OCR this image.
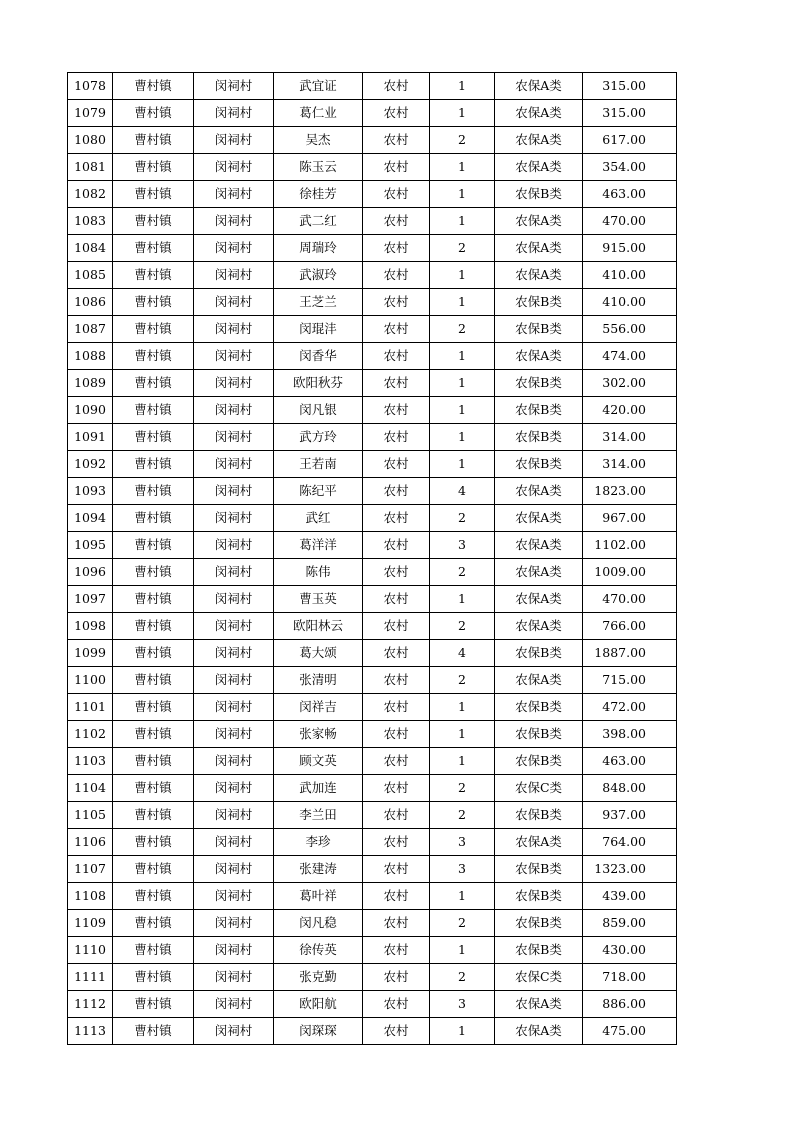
1078	曹村镇	闵祠村	武宜证	农村	1	农保A类	315.00
1079	曹村镇	闵祠村	葛仁业	农村	1	农保A类	315.00
1080	曹村镇	闵祠村	吴杰	农村	2	农保A类	617.00
1081	曹村镇	闵祠村	陈玉云	农村	1	农保A类	354.00
1082	曹村镇	闵祠村	徐桂芳	农村	1	农保B类	463.00
1083	曹村镇	闵祠村	武二红	农村	1	农保A类	470.00
1084	曹村镇	闵祠村	周瑞玲	农村	2	农保A类	915.00
1085	曹村镇	闵祠村	武淑玲	农村	1	农保A类	410.00
1086	曹村镇	闵祠村	王芝兰	农村	1	农保B类	410.00
1087	曹村镇	闵祠村	闵琨沣	农村	2	农保B类	556.00
1088	曹村镇	闵祠村	闵香华	农村	1	农保A类	474.00
1089	曹村镇	闵祠村	欧阳秋芬	农村	1	农保B类	302.00
1090	曹村镇	闵祠村	闵凡银	农村	1	农保B类	420.00
1091	曹村镇	闵祠村	武方玲	农村	1	农保B类	314.00
1092	曹村镇	闵祠村	王若南	农村	1	农保B类	314.00
1093	曹村镇	闵祠村	陈纪平	农村	4	农保A类	1823.00
1094	曹村镇	闵祠村	武红	农村	2	农保A类	967.00
1095	曹村镇	闵祠村	葛洋洋	农村	3	农保A类	1102.00
1096	曹村镇	闵祠村	陈伟	农村	2	农保A类	1009.00
1097	曹村镇	闵祠村	曹玉英	农村	1	农保A类	470.00
1098	曹村镇	闵祠村	欧阳林云	农村	2	农保A类	766.00
1099	曹村镇	闵祠村	葛大颂	农村	4	农保B类	1887.00
1100	曹村镇	闵祠村	张清明	农村	2	农保A类	715.00
1101	曹村镇	闵祠村	闵祥吉	农村	1	农保B类	472.00
1102	曹村镇	闵祠村	张家畅	农村	1	农保B类	398.00
1103	曹村镇	闵祠村	顾文英	农村	1	农保B类	463.00
1104	曹村镇	闵祠村	武加连	农村	2	农保C类	848.00
1105	曹村镇	闵祠村	李兰田	农村	2	农保B类	937.00
1106	曹村镇	闵祠村	李珍	农村	3	农保A类	764.00
1107	曹村镇	闵祠村	张建涛	农村	3	农保B类	1323.00
1108	曹村镇	闵祠村	葛叶祥	农村	1	农保B类	439.00
1109	曹村镇	闵祠村	闵凡稳	农村	2	农保B类	859.00
1110	曹村镇	闵祠村	徐传英	农村	1	农保B类	430.00
1111	曹村镇	闵祠村	张克勤	农村	2	农保C类	718.00
1112	曹村镇	闵祠村	欧阳航	农村	3	农保A类	886.00
1113	曹村镇	闵祠村	闵琛琛	农村	1	农保A类	475.00
